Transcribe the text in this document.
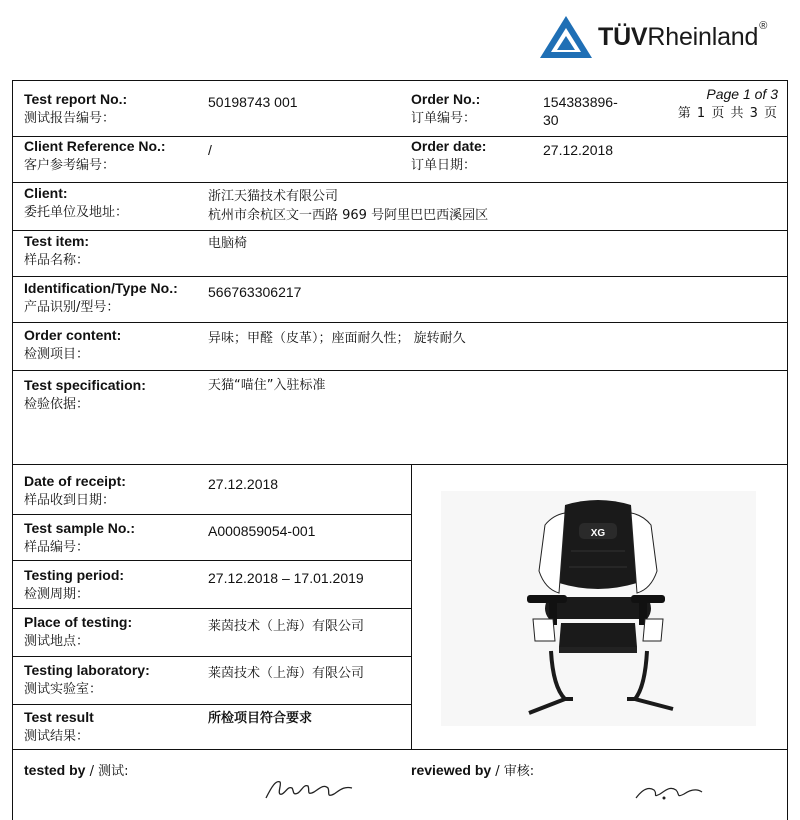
TÜVRheinland®
Page 1 of 3
第 1 页 共 3 页
Test report No.:
测试报告编号：
50198743 001	Order No.:
订单编号：
154383896-
30
Client Reference No.:
客户参考编号：
/	Order date:
订单日期：
27.12.2018
Client:
委托单位及地址：
浙江天猫技术有限公司
杭州市余杭区文一西路 969 号阿里巴巴西溪园区
Test item:
样品名称：
电脑椅
Identification/Type No.:
产品识别/型号：
566763306217
Order content:
检测项目：
异味；甲醛（皮革）；座面耐久性； 旋转耐久
Test specification:
检验依据：
天猫“喵住”入驻标准
Date of receipt:
样品收到日期：
27.12.2018
Test sample No.:
样品编号：
A000859054-001
Testing period:
检测周期：
27.12.2018 – 17.01.2019
Place of testing:
测试地点：
莱茵技术（上海）有限公司
Testing laboratory:
测试实验室：
莱茵技术（上海）有限公司
Test result
测试结果：
所检项目符合要求
tested by / 测试:	reviewed by / 审核:
XG
